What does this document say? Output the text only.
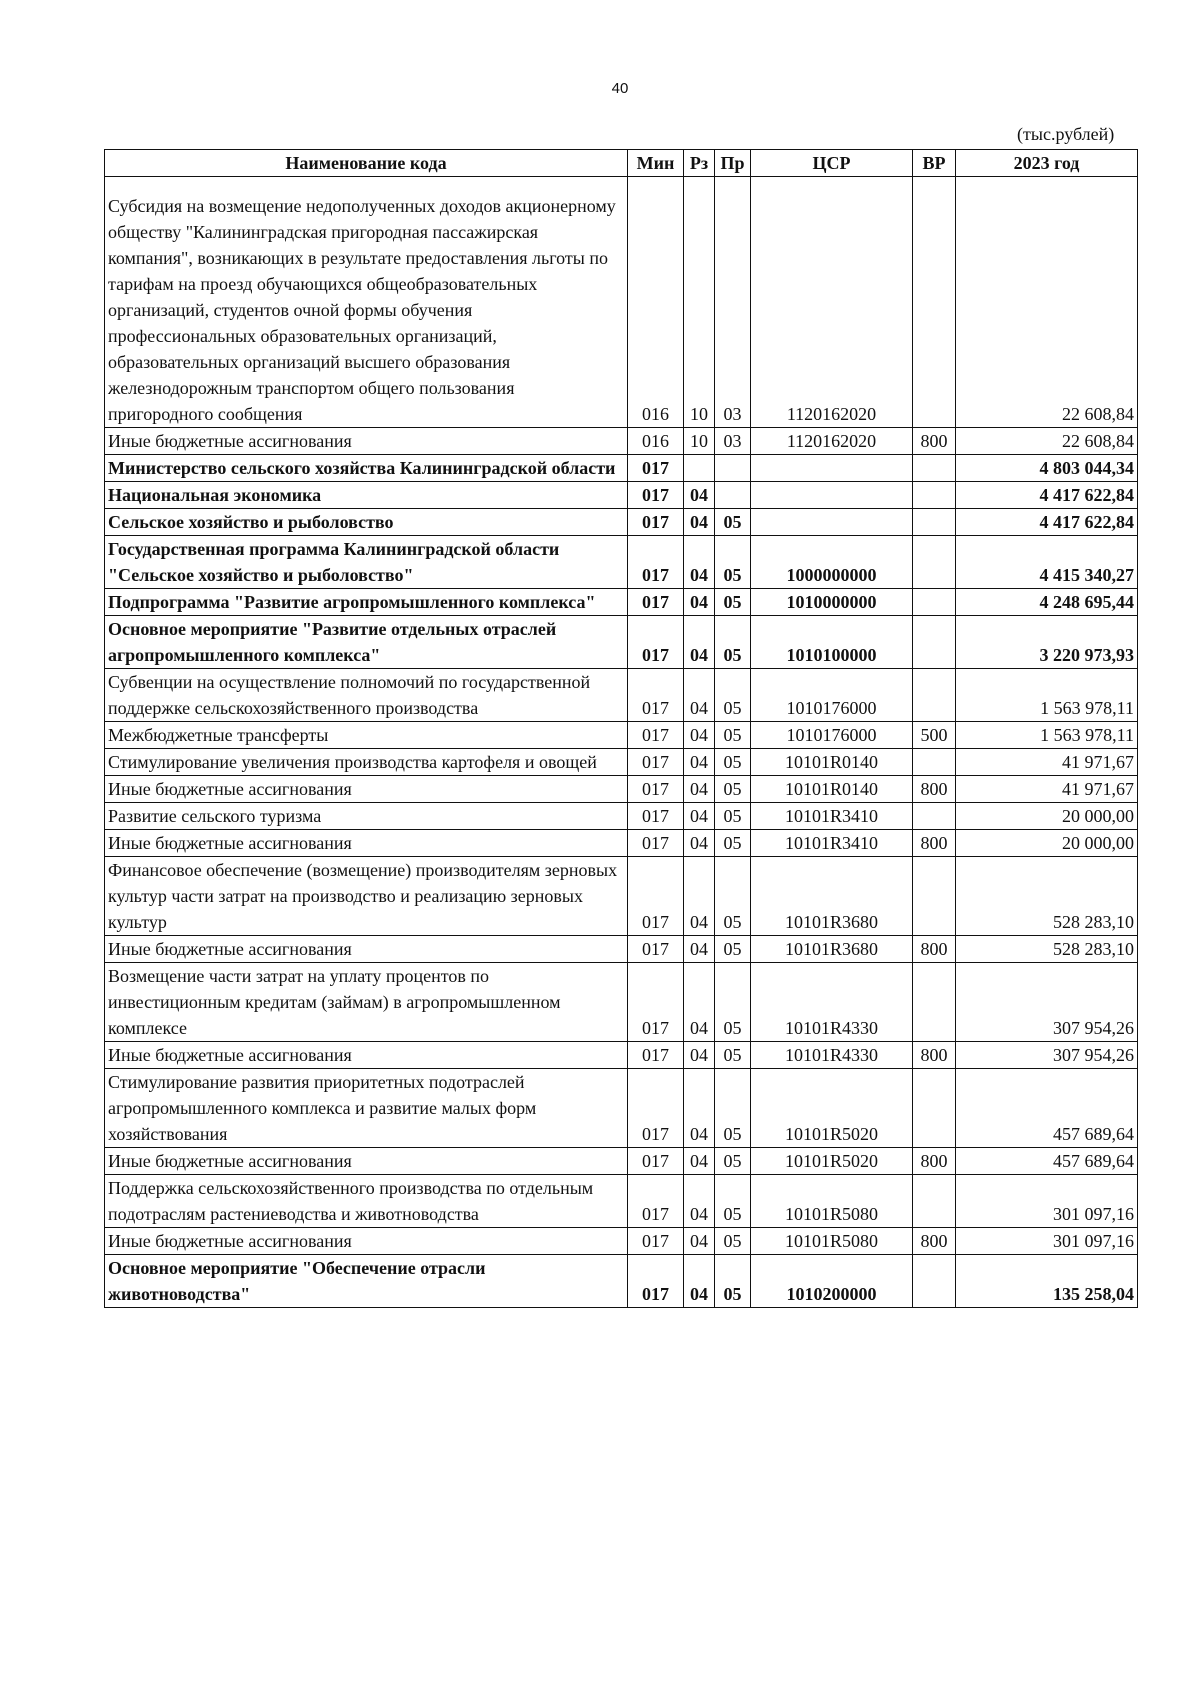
40
(тыс.рублей)
Наименование кода	Мин	Рз	Пр	ЦСР	ВР	2023 год
Субсидия на возмещение недополученных доходов акционерному обществу "Калининградская пригородная пассажирская компания", возникающих в результате предоставления льготы по тарифам на проезд обучающихся общеобразовательных организаций, студентов очной формы обучения профессиональных образовательных организаций, образовательных организаций высшего образования железнодорожным транспортом общего пользования пригородного сообщения	016	10	03	1120162020		22 608,84
Иные бюджетные ассигнования	016	10	03	1120162020	800	22 608,84
Министерство сельского хозяйства Калининградской области	017					4 803 044,34
Национальная экономика	017	04				4 417 622,84
Сельское хозяйство и рыболовство	017	04	05			4 417 622,84
Государственная программа Калининградской области "Сельское хозяйство и рыболовство"	017	04	05	1000000000		4 415 340,27
Подпрограмма "Развитие агропромышленного комплекса"	017	04	05	1010000000		4 248 695,44
Основное мероприятие "Развитие отдельных отраслей агропромышленного комплекса"	017	04	05	1010100000		3 220 973,93
Субвенции на осуществление полномочий по государственной поддержке сельскохозяйственного производства	017	04	05	1010176000		1 563 978,11
Межбюджетные трансферты	017	04	05	1010176000	500	1 563 978,11
Стимулирование увеличения производства картофеля и овощей	017	04	05	10101R0140		41 971,67
Иные бюджетные ассигнования	017	04	05	10101R0140	800	41 971,67
Развитие сельского туризма	017	04	05	10101R3410		20 000,00
Иные бюджетные ассигнования	017	04	05	10101R3410	800	20 000,00
Финансовое обеспечение (возмещение) производителям зерновых культур части затрат на производство и реализацию зерновых культур	017	04	05	10101R3680		528 283,10
Иные бюджетные ассигнования	017	04	05	10101R3680	800	528 283,10
Возмещение части затрат на уплату процентов по инвестиционным кредитам (займам) в агропромышленном комплексе	017	04	05	10101R4330		307 954,26
Иные бюджетные ассигнования	017	04	05	10101R4330	800	307 954,26
Стимулирование развития приоритетных подотраслей агропромышленного комплекса и развитие малых форм хозяйствования	017	04	05	10101R5020		457 689,64
Иные бюджетные ассигнования	017	04	05	10101R5020	800	457 689,64
Поддержка сельскохозяйственного производства по отдельным подотраслям растениеводства и животноводства	017	04	05	10101R5080		301 097,16
Иные бюджетные ассигнования	017	04	05	10101R5080	800	301 097,16
Основное мероприятие "Обеспечение отрасли животноводства"	017	04	05	1010200000		135 258,04
